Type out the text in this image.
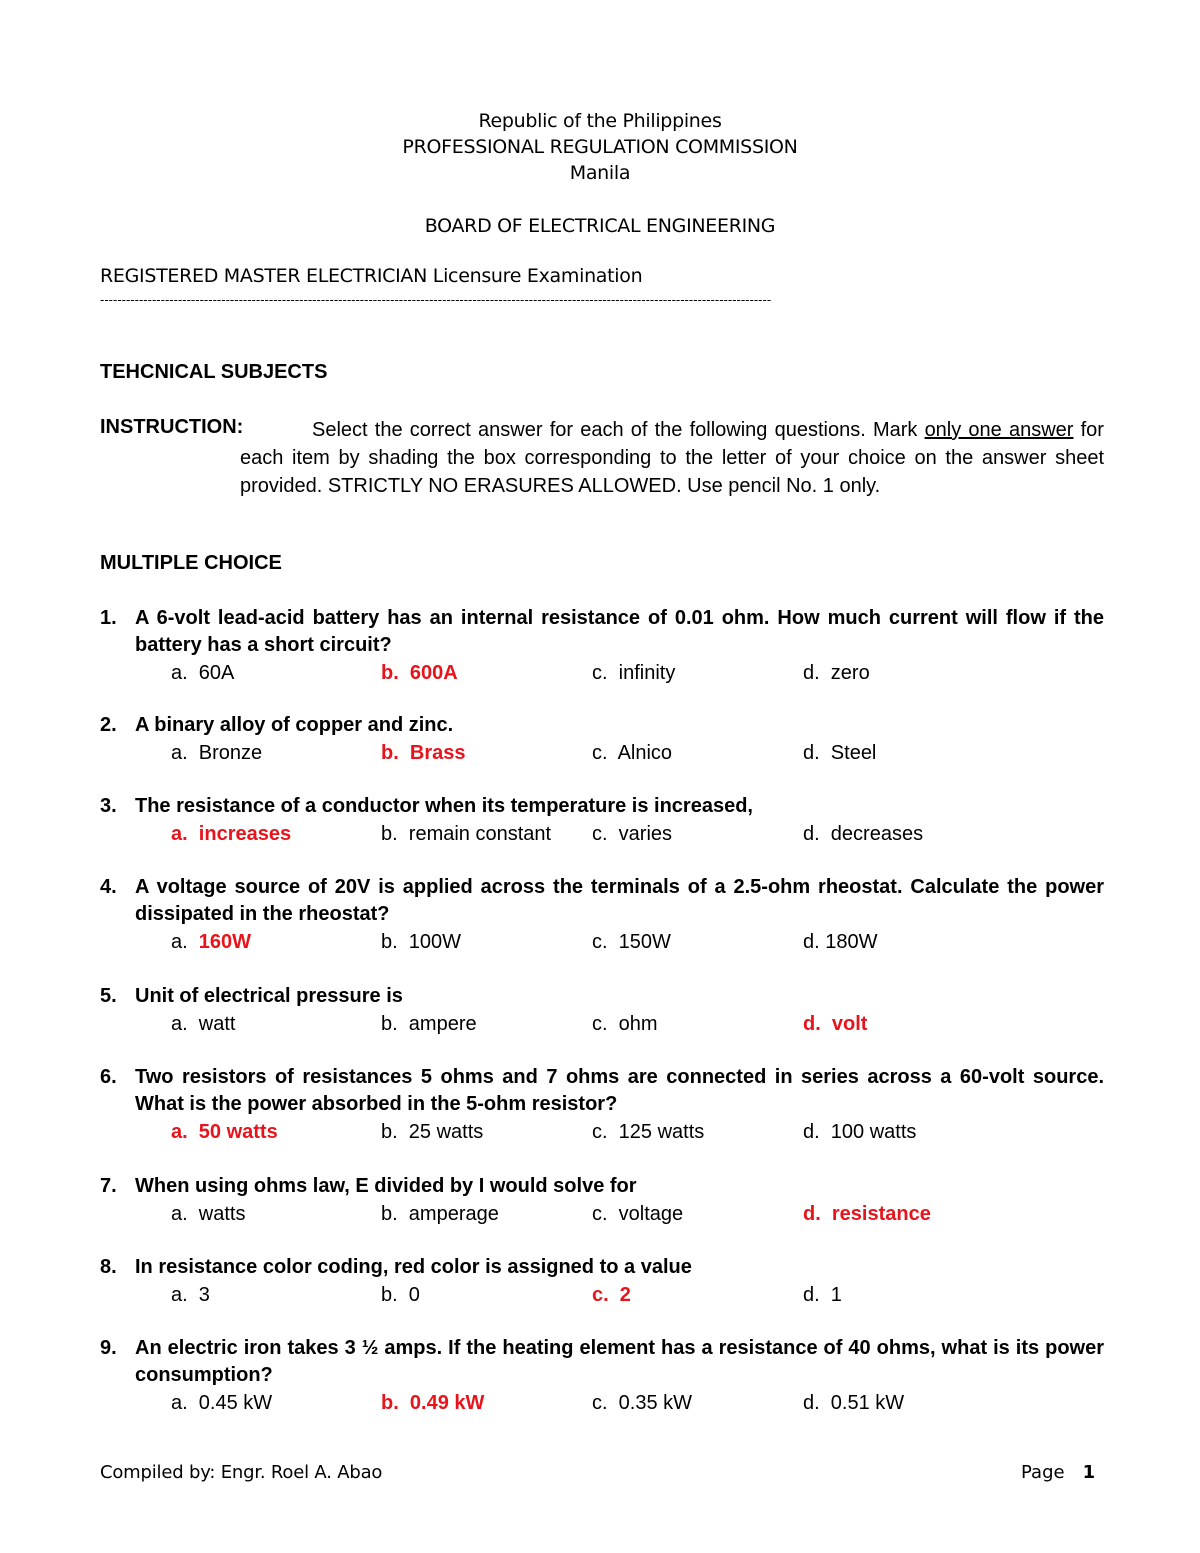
Republic of the Philippines
PROFESSIONAL REGULATION COMMISSION
Manila
BOARD OF ELECTRICAL ENGINEERING
REGISTERED MASTER ELECTRICIAN Licensure Examination
-----------------------------------------------------------------------------------------------------------------------------------------------------------
TEHCNICAL SUBJECTS
INSTRUCTION:	Select the correct answer for each of the following questions. Mark only one answer for each item by shading the box corresponding to the letter of your choice on the answer sheet provided. STRICTLY NO ERASURES ALLOWED. Use pencil No. 1 only.
MULTIPLE CHOICE
1. A 6-volt lead-acid battery has an internal resistance of 0.01 ohm. How much current will flow if the battery has a short circuit?
a.  60A	b.  600A	c.  infinity	d.  zero
2. A binary alloy of copper and zinc.
a.  Bronze	b.  Brass	c.  Alnico	d.  Steel
3. The resistance of a conductor when its temperature is increased,
a.  increases	b.  remain constant c.  varies	d.  decreases
4. A voltage source of 20V is applied across the terminals of a 2.5-ohm rheostat. Calculate the power dissipated in the rheostat?
a.  160W	b.  100W	c.  150W	d. 180W
5. Unit of electrical pressure is
a.  watt	b.  ampere	c.  ohm	d.  volt
6. Two resistors of resistances 5 ohms and 7 ohms are connected in series across a 60-volt source. What is the power absorbed in the 5-ohm resistor?
a.  50 watts	b.  25 watts	c.  125 watts	d.  100 watts
7. When using ohms law, E divided by I would solve for
a.  watts	b.  amperage	c.  voltage	d.  resistance
8. In resistance color coding, red color is assigned to a value
a.  3	b.  0	c.  2	d.  1
9. An electric iron takes 3 ½ amps. If the heating element has a resistance of 40 ohms, what is its power consumption?
a.  0.45 kW	b.  0.49 kW	c.  0.35 kW	d.  0.51 kW
Compiled by: Engr. Roel A. Abao	Page 1
